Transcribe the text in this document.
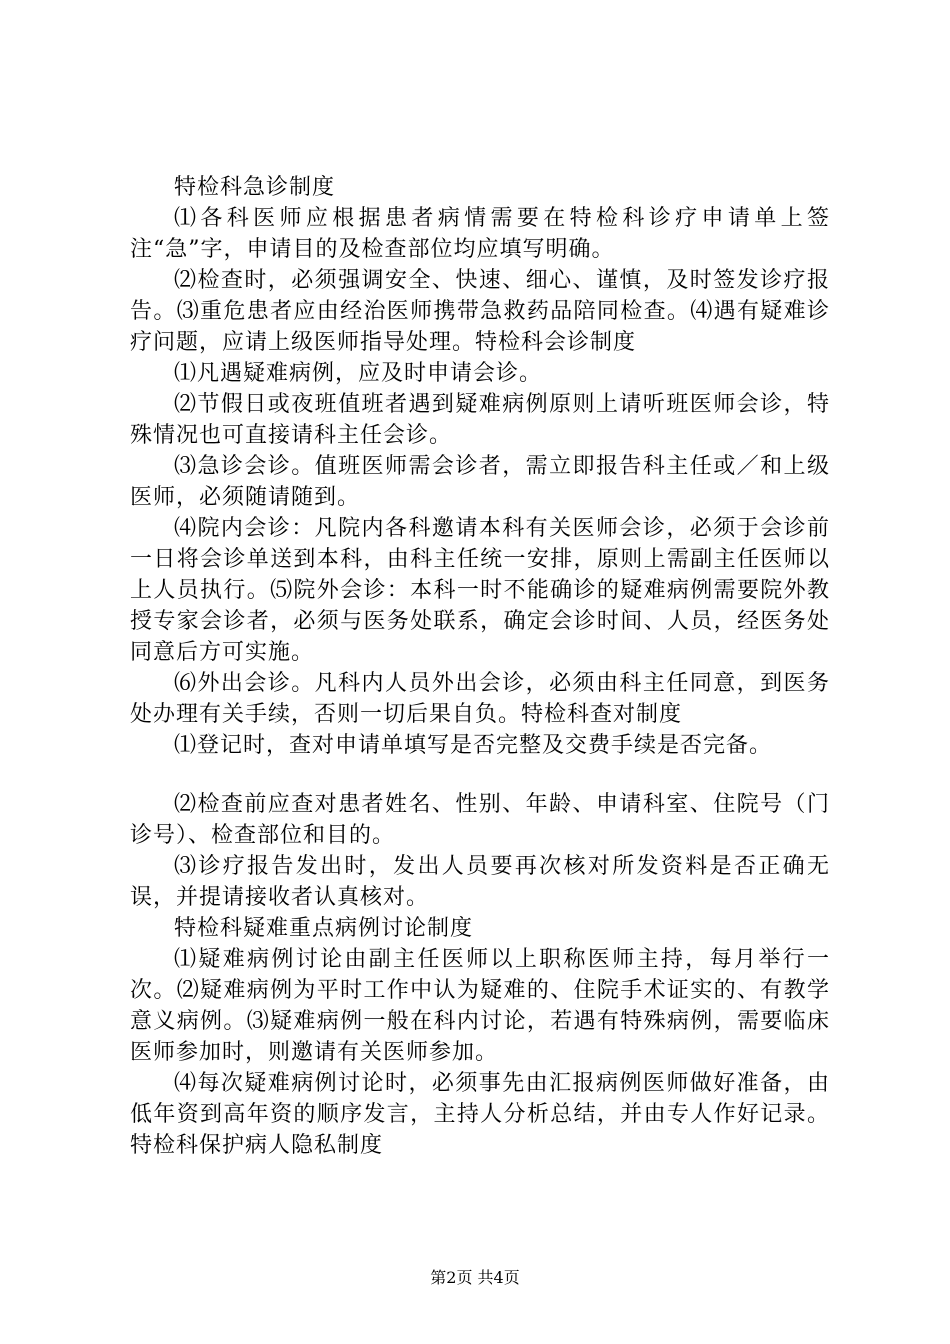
特检科急诊制度

⑴各科医师应根据患者病情需要在特检科诊疗申请单上签注“急”字，申请目的及检查部位均应填写明确。

⑵检查时，必须强调安全、快速、细心、谨慎，及时签发诊疗报告。⑶重危患者应由经治医师携带急救药品陪同检查。⑷遇有疑难诊疗问题，应请上级医师指导处理。特检科会诊制度

⑴凡遇疑难病例，应及时申请会诊。

⑵节假日或夜班值班者遇到疑难病例原则上请听班医师会诊，特殊情况也可直接请科主任会诊。

⑶急诊会诊。值班医师需会诊者，需立即报告科主任或／和上级医师，必须随请随到。

⑷院内会诊：凡院内各科邀请本科有关医师会诊，必须于会诊前一日将会诊单送到本科，由科主任统一安排，原则上需副主任医师以上人员执行。⑸院外会诊：本科一时不能确诊的疑难病例需要院外教授专家会诊者，必须与医务处联系，确定会诊时间、人员，经医务处同意后方可实施。

⑹外出会诊。凡科内人员外出会诊，必须由科主任同意，到医务处办理有关手续，否则一切后果自负。特检科查对制度

⑴登记时，查对申请单填写是否完整及交费手续是否完备。

⑵检查前应查对患者姓名、性别、年龄、申请科室、住院号（门诊号）、检查部位和目的。

⑶诊疗报告发出时，发出人员要再次核对所发资料是否正确无误，并提请接收者认真核对。

特检科疑难重点病例讨论制度

⑴疑难病例讨论由副主任医师以上职称医师主持，每月举行一次。⑵疑难病例为平时工作中认为疑难的、住院手术证实的、有教学意义病例。⑶疑难病例一般在科内讨论，若遇有特殊病例，需要临床医师参加时，则邀请有关医师参加。

⑷每次疑难病例讨论时，必须事先由汇报病例医师做好准备，由低年资到高年资的顺序发言，主持人分析总结，并由专人作好记录。特检科保护病人隐私制度

第2页 共4页
